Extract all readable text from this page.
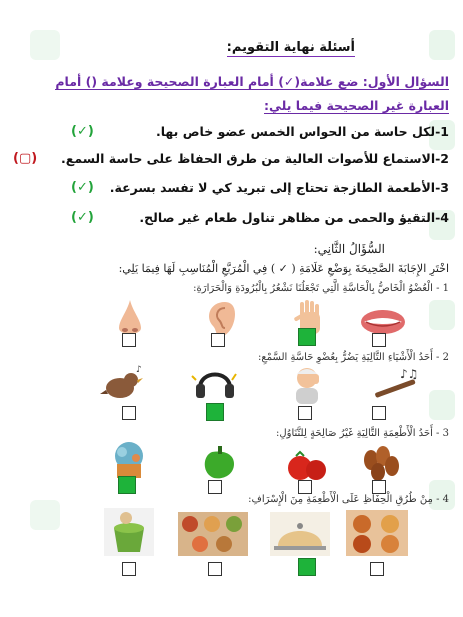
أسئلة نهاية التقويم:
السؤال الأول: ضع علامة(✓) أمام العبارة الصحيحة وعلامة () أمام العبارة غير الصحيحة فيما يلي:
1-لكل حاسة من الحواس الخمس عضو خاص بها.
(✓)
2-الاستماع للأصوات العالية من طرق الحفاظ على حاسة السمع.
(▢)
3-الأطعمة الطازجة تحتاج إلى تبريد كي لا تفسد بسرعة.
(✓)
4-التقيؤ والحمى من مظاهر تناول طعام غير صالح.
(✓)
السُّؤَالُ الثَّانِي:
اخْتَرِ الإِجَابَةَ الصَّحِيحَةَ بِوَضْعِ عَلَامَةِ ( ✓ ) فِي الْمُرَبَّعِ الْمُنَاسِبِ لَهَا فِيمَا يَلِي:
1 - الْعُضْوُ الْخَاصُّ بِالْحَاسَّةِ الَّتِي تَجْعَلُنَا نَشْعُرُ بِالْبُرُودَةِ وَالْحَرَارَةِ:
2 - أَحَدُ الْأَشْيَاءِ التَّالِيَةِ يَضُرُّ بِعُضْوِ حَاسَّةِ السَّمْعِ:
♪♫
♪
3 - أَحَدُ الْأَطْعِمَةِ التَّالِيَةِ غَيْرُ صَالِحَةٍ لِلتَّنَاوُلِ:
4 - مِنْ طُرُقِ الْحِفَاظِ عَلَى الْأَطْعِمَةِ مِنَ الْإِسْرَافِ:
